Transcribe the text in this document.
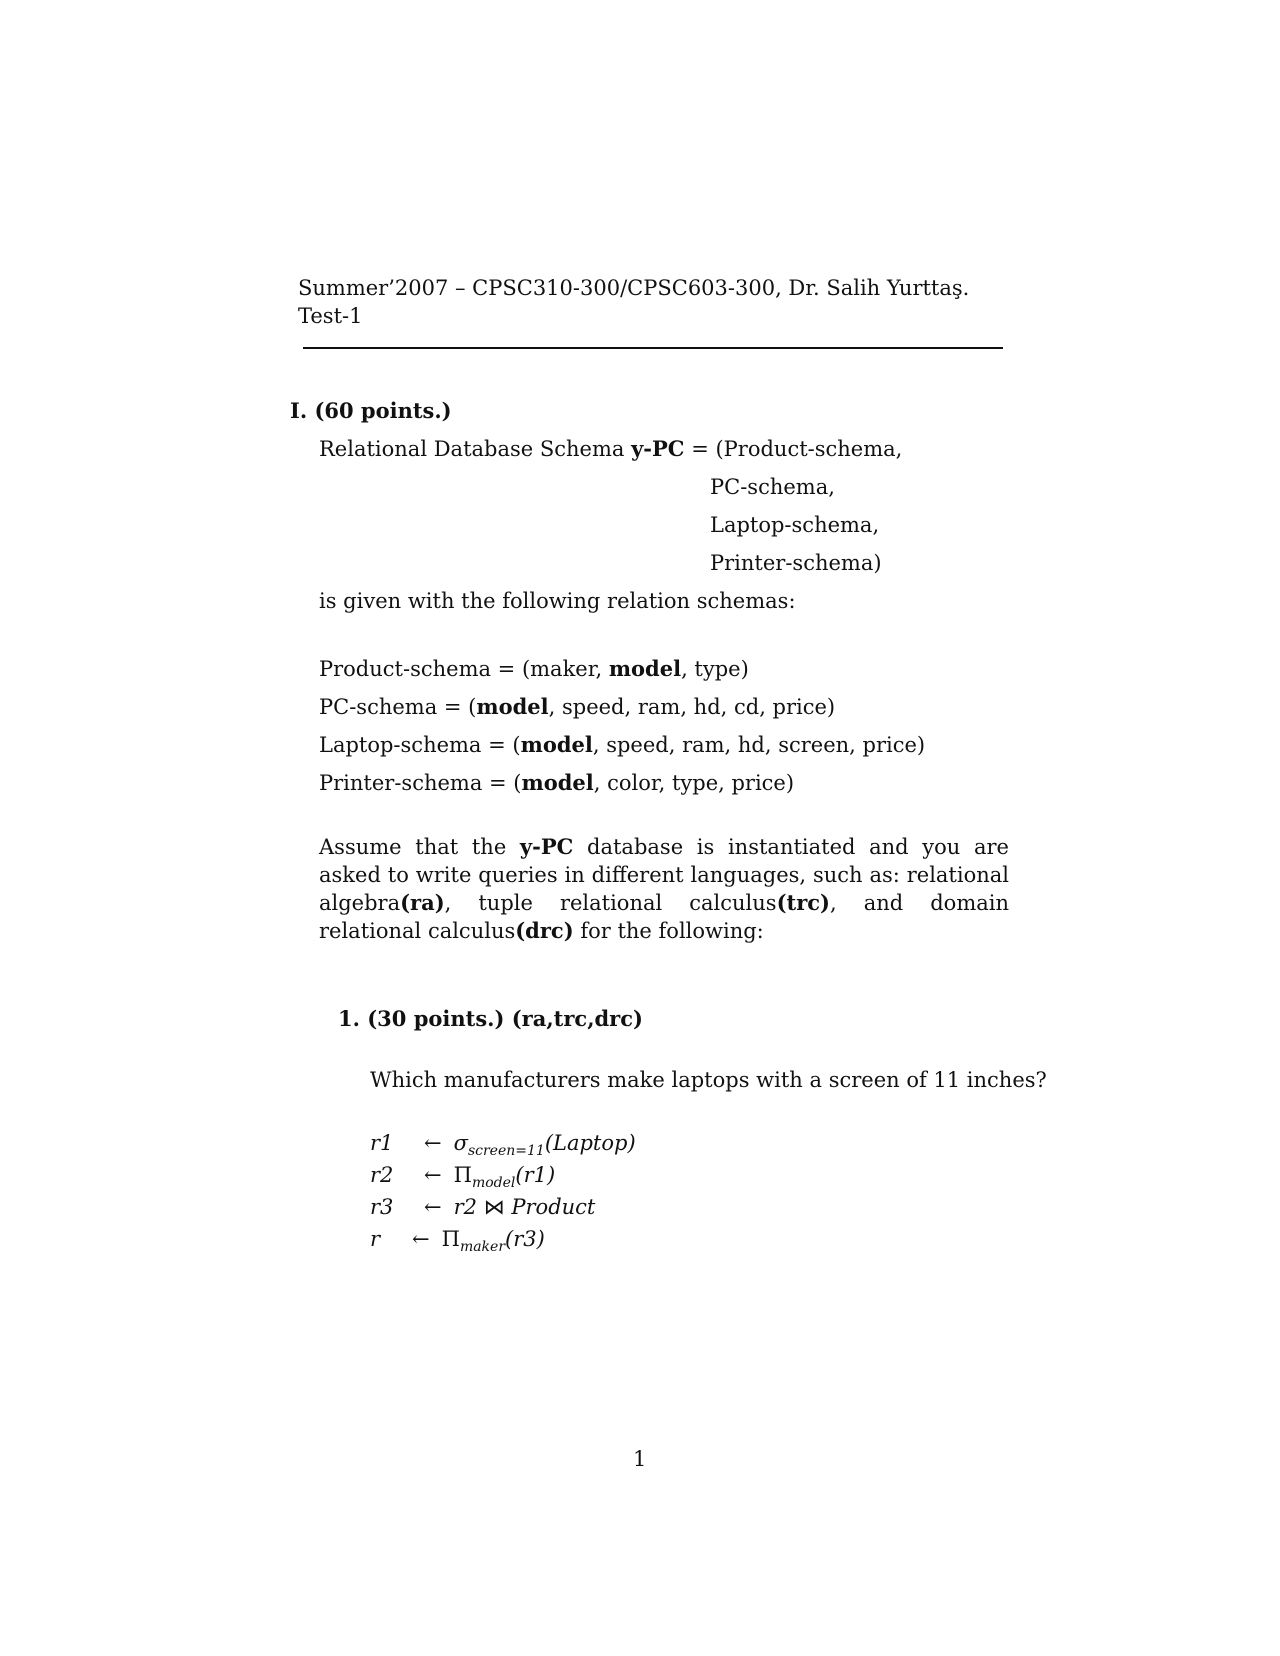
Summer’2007 – CPSC310-300/CPSC603-300, Dr. Salih Yurttaş.
Test-1
I. (60 points.)
Relational Database Schema y-PC = (Product-schema,
PC-schema,
Laptop-schema,
Printer-schema)
is given with the following relation schemas:
Product-schema = (maker, model, type)
PC-schema = (model, speed, ram, hd, cd, price)
Laptop-schema = (model, speed, ram, hd, screen, price)
Printer-schema = (model, color, type, price)
Assume that the y-PC database is instantiated and you are asked to write queries in different languages, such as: relational algebra(ra), tuple relational calculus(trc), and domain relational calculus(drc) for the following:
1. (30 points.) (ra,trc,drc)
Which manufacturers make laptops with a screen of 11 inches?
r1 ← $\sigma_{screen=11}(Laptop)$
r2 ← $\Pi_{model}(r1)$
r3 ← r2 ⋈ Product
r ← $\Pi_{maker}(r3)$
1
